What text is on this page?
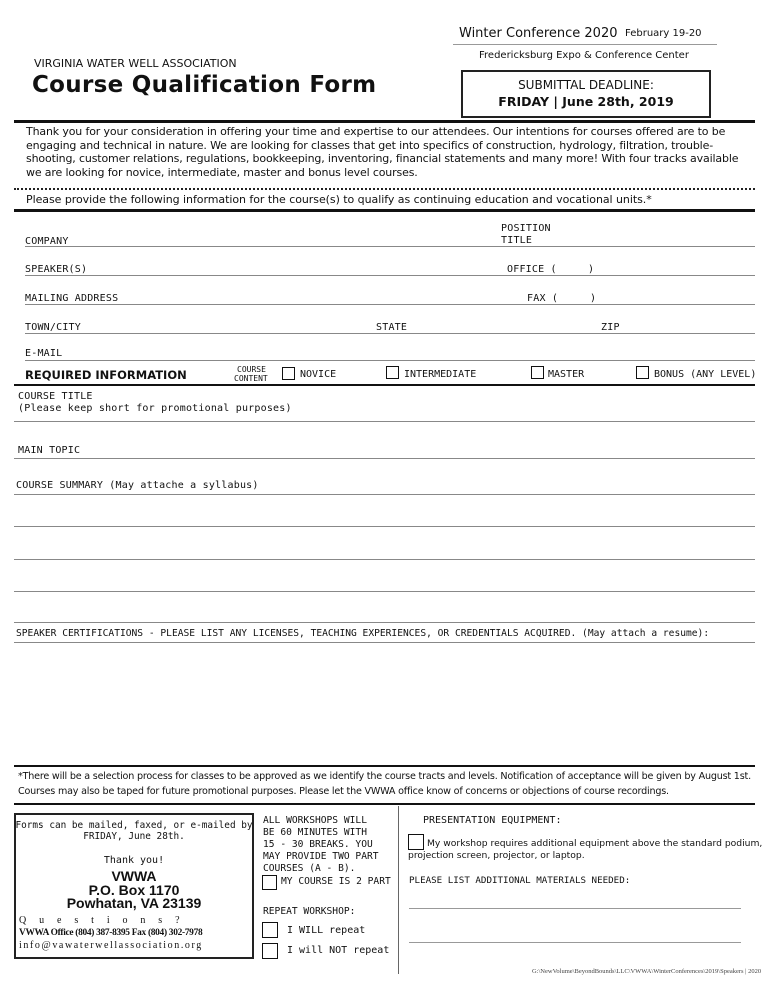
Winter Conference 2020 February 19-20
Fredericksburg Expo & Conference Center
VIRGINIA WATER WELL ASSOCIATION
Course Qualification Form	SUBMITTAL DEADLINE:
FRIDAY | June 28th, 2019
Thank you for your consideration in offering your time and expertise to our attendees. Our intentions for courses offered are to be engaging and technical in nature. We are looking for classes that get into specifics of construction, hydrology, filtration, trouble-shooting, customer relations, regulations, bookkeeping, inventoring, financial statements and many more! With four tracks available we are looking for novice, intermediate, master and bonus level courses.
Please provide the following information for the course(s) to qualify as continuing education and vocational units.*
COMPANY
POSITION
TITLE
SPEAKER(S)	OFFICE (	)
MAILING ADDRESS	FAX (	)
TOWN/CITY	STATE	ZIP
E-MAIL
REQUIRED INFORMATION	COURSE
CONTENT	NOVICE	INTERMEDIATE	MASTER	BONUS (ANY LEVEL)
COURSE TITLE
(Please keep short for promotional purposes)
MAIN TOPIC
COURSE SUMMARY (May attache a syllabus)
SPEAKER CERTIFICATIONS - PLEASE LIST ANY LICENSES, TEACHING EXPERIENCES, OR CREDENTIALS ACQUIRED. (May attach a resume):
*There will be a selection process for classes to be approved as we identify the course tracts and levels. Notification of acceptance will be given by August 1st.
Courses may also be taped for future promotional purposes. Please let the VWWA office know of concerns or objections of course recordings.
Forms can be mailed, faxed, or e-mailed by
FRIDAY, June 28th.
Thank you!
VWWA
P.O. Box 1170
Powhatan, VA 23139
Q u e s t i o n s ?
VWWA Office (804) 387-8395 Fax (804) 302-7978
info@vawaterwellassociation.org
ALL WORKSHOPS WILL
BE 60 MINUTES WITH
15 - 30 BREAKS. YOU
MAY PROVIDE TWO PART
COURSES (A - B).
MY COURSE IS 2 PART
REPEAT WORKSHOP:
I WILL repeat
I will NOT repeat
PRESENTATION EQUIPMENT:
My workshop requires additional equipment above the standard podium,
projection screen, projector, or laptop.
PLEASE LIST ADDITIONAL MATERIALS NEEDED:
G:\NewVolume\BeyondBounds\LLC\VWWA\WinterConferences\2019\Speakers | 2020
